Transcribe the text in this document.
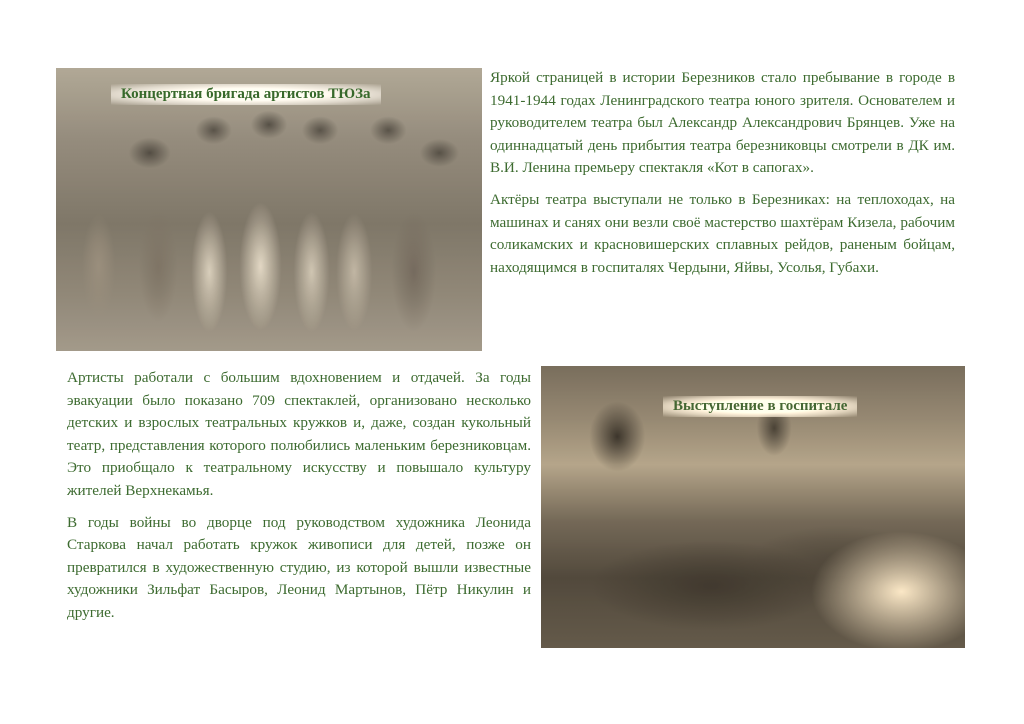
Концертная бригада артистов ТЮЗа

Яркой страницей в истории Березников стало пребывание в городе в 1941-1944 годах Ленинградского театра юного зрителя. Основателем и руководителем театра был Александр Александрович Брянцев. Уже на одиннадцатый день прибытия театра березниковцы смотрели в ДК им. В.И. Ленина премьеру спектакля «Кот в сапогах».

Актёры театра выступали не только в Березниках: на теплоходах, на машинах и санях они везли своё мастерство шахтёрам Кизела, рабочим соликамских и красновишерских сплавных рейдов, раненым бойцам, находящимся в госпиталях Чердыни, Яйвы, Усолья, Губахи.

Артисты работали с большим вдохновением и отдачей. За годы эвакуации было показано 709 спектаклей, организовано несколько детских и взрослых театральных кружков и, даже, создан кукольный театр, представления которого полюбились маленьким березниковцам. Это приобщало к театральному искусству и повышало культуру жителей Верхнекамья.

В годы войны во дворце под руководством художника Леонида Старкова начал работать кружок живописи для детей, позже он превратился в художественную студию, из которой вышли известные художники Зильфат Басыров, Леонид Мартынов, Пётр Никулин и другие.

Выступление в госпитале
